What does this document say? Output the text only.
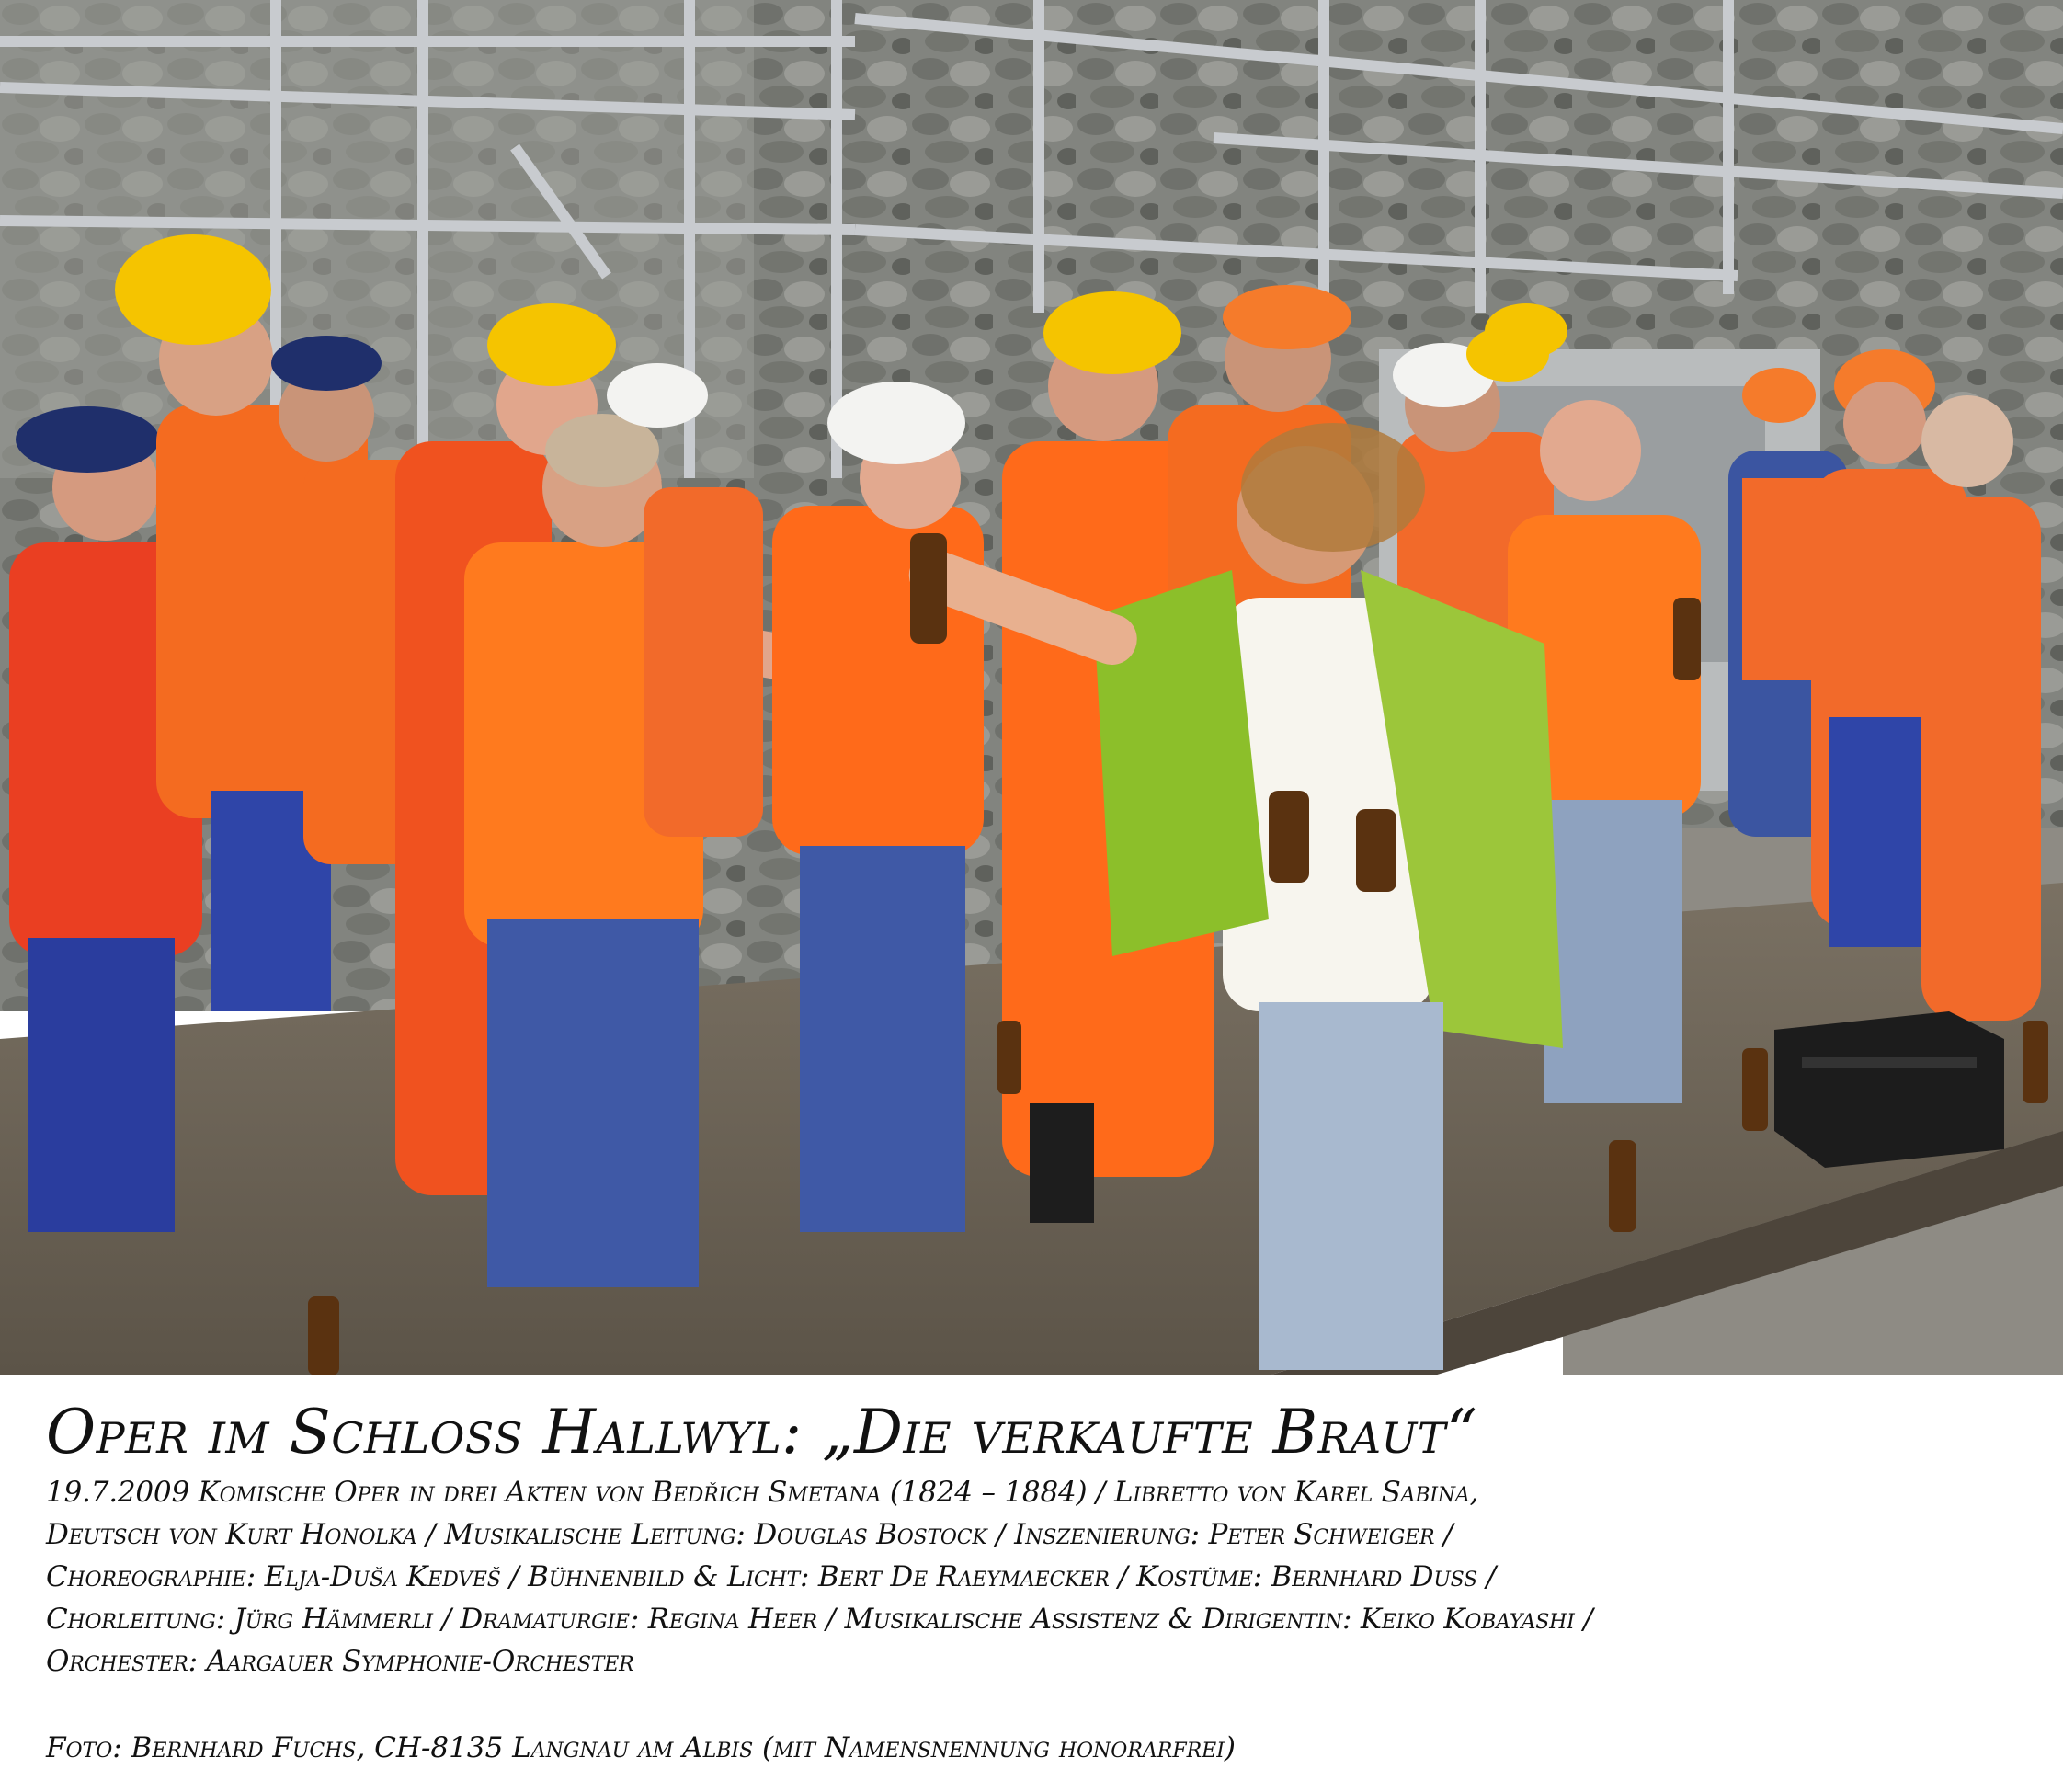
Oper im Schloss Hallwyl: „Die verkaufte Braut“
19.7.2009 Komische Oper in drei Akten von Bedřich Smetana (1824 – 1884) / Libretto von Karel Sabina,
Deutsch von Kurt Honolka / Musikalische Leitung: Douglas Bostock / Inszenierung: Peter Schweiger /
Choreographie: Elja-Duša Kedveš / Bühnenbild & Licht: Bert De Raeymaecker / Kostüme: Bernhard Duss /
Chorleitung: Jürg Hämmerli / Dramaturgie: Regina Heer / Musikalische Assistenz & Dirigentin: Keiko Kobayashi /
Orchester: Aargauer Symphonie-Orchester
Foto: Bernhard Fuchs, CH-8135 Langnau am Albis (mit Namensnennung honorarfrei)
